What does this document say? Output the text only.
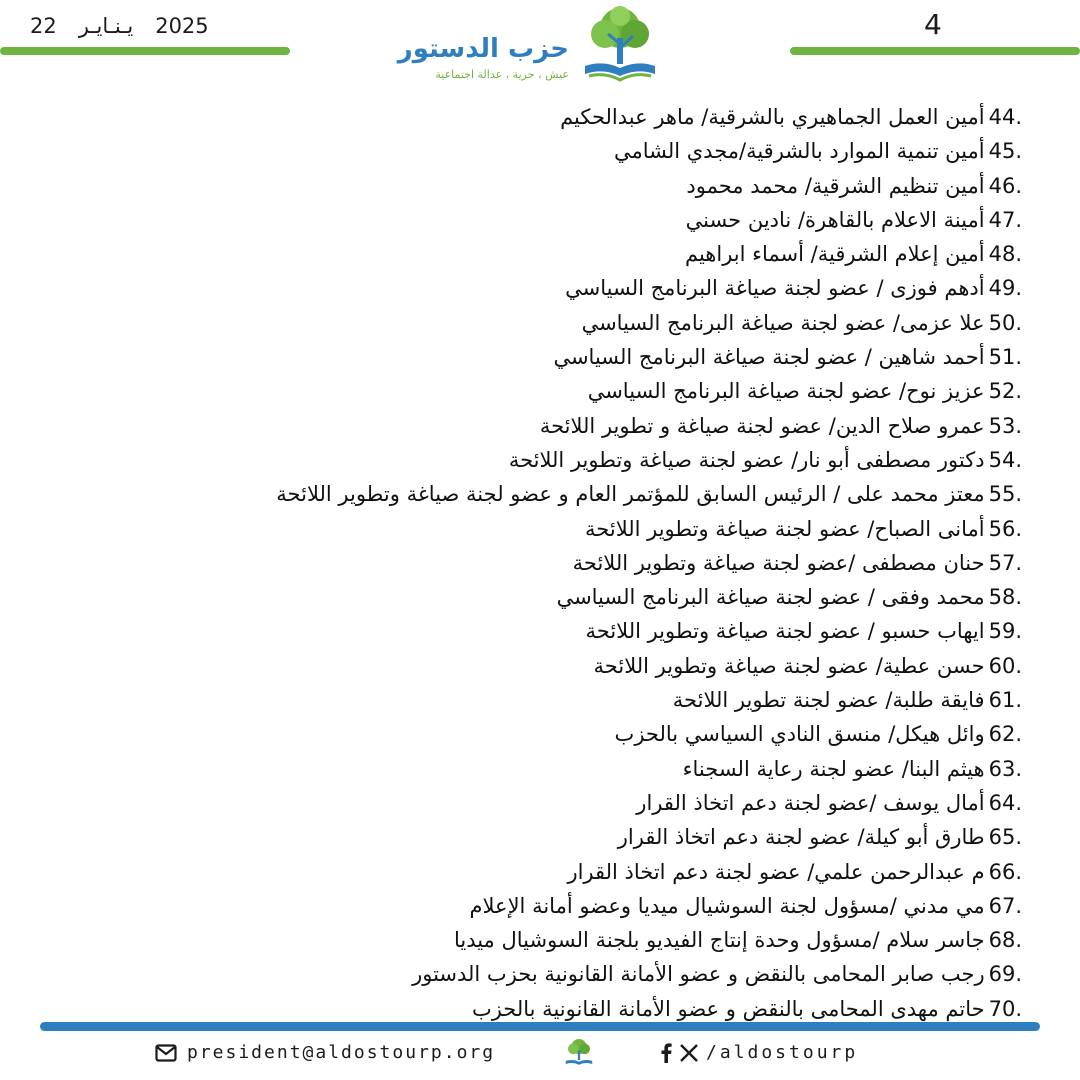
22 يـنـايـر 2025	4
حزب الدستور
عيش ، حرية ، عدالة اجتماعية
44.
أمين العمل الجماهيري بالشرقية/ ماهر عبدالحكيم
45.
أمين تنمية الموارد بالشرقية/مجدي الشامي
46.
أمين تنظيم الشرقية/ محمد محمود
47.
أمينة الاعلام بالقاهرة/ نادين حسني
48.
أمين إعلام الشرقية/ أسماء ابراهيم
49.
أدهم فوزى / عضو لجنة صياغة البرنامج السياسي
50.
علا عزمى/ عضو لجنة صياغة البرنامج السياسي
51.
أحمد شاهين / عضو لجنة صياغة البرنامج السياسي
52.
عزيز نوح/ عضو لجنة صياغة البرنامج السياسي
53.
عمرو صلاح الدين/ عضو لجنة صياغة و تطوير اللائحة
54.
دكتور مصطفى أبو نار/ عضو لجنة صياغة وتطوير اللائحة
55.
معتز محمد على / الرئيس السابق للمؤتمر العام و عضو لجنة صياغة وتطوير اللائحة
56.
أمانى الصباح/ عضو لجنة صياغة وتطوير اللائحة
57.
حنان مصطفى /عضو لجنة صياغة وتطوير اللائحة
58.
محمد وفقى / عضو لجنة صياغة البرنامج السياسي
59.
ايهاب حسبو / عضو لجنة صياغة وتطوير اللائحة
60.
حسن عطية/ عضو لجنة صياغة وتطوير اللائحة
61.
فايقة طلبة/ عضو لجنة تطوير اللائحة
62.
وائل هيكل/ منسق النادي السياسي بالحزب
63.
هيثم البنا/ عضو لجنة رعاية السجناء
64.
أمال يوسف /عضو لجنة دعم اتخاذ القرار
65.
طارق أبو كيلة/ عضو لجنة دعم اتخاذ القرار
66.
م عبدالرحمن علمي/ عضو لجنة دعم اتخاذ القرار
67.
مي مدني /مسؤول لجنة السوشيال ميديا وعضو أمانة الإعلام
68.
جاسر سلام /مسؤول وحدة إنتاج الفيديو بلجنة السوشيال ميديا
69.
رجب صابر المحامى بالنقض و عضو الأمانة القانونية بحزب الدستور
70.
حاتم مهدى المحامى بالنقض و عضو الأمانة القانونية بالحزب
president@aldostourp.org	/aldostourp
